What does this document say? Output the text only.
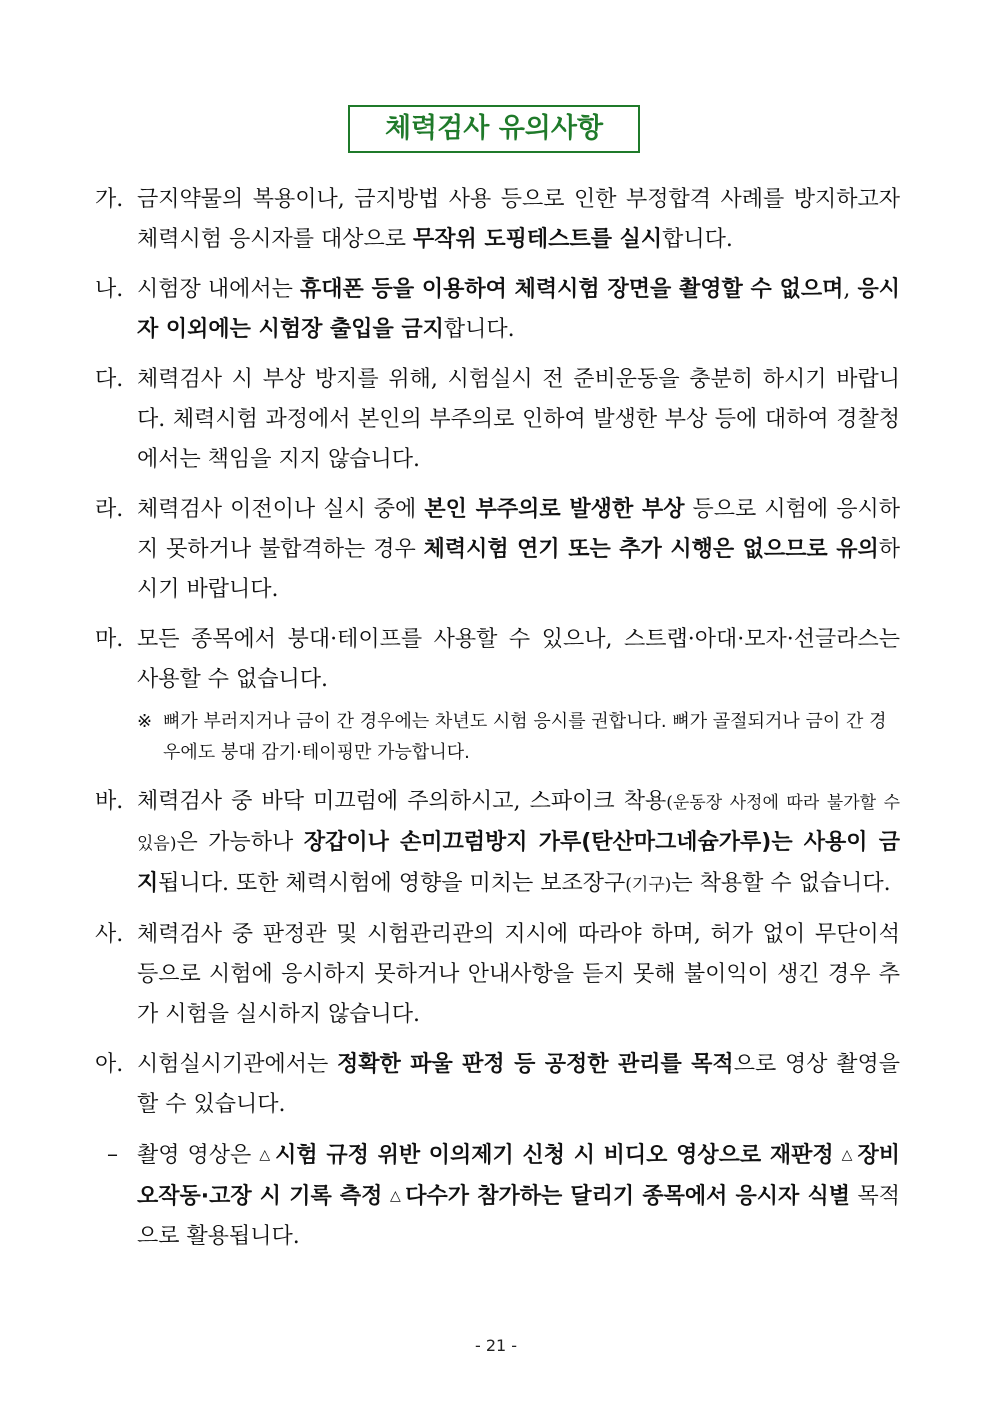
체력검사 유의사항
가. 금지약물의 복용이나, 금지방법 사용 등으로 인한 부정합격 사례를 방지하고자 체력시험 응시자를 대상으로 무작위 도핑테스트를 실시합니다.
나. 시험장 내에서는 휴대폰 등을 이용하여 체력시험 장면을 촬영할 수 없으며, 응시자 이외에는 시험장 출입을 금지합니다.
다. 체력검사 시 부상 방지를 위해, 시험실시 전 준비운동을 충분히 하시기 바랍니다. 체력시험 과정에서 본인의 부주의로 인하여 발생한 부상 등에 대하여 경찰청에서는 책임을 지지 않습니다.
라. 체력검사 이전이나 실시 중에 본인 부주의로 발생한 부상 등으로 시험에 응시하지 못하거나 불합격하는 경우 체력시험 연기 또는 추가 시행은 없으므로 유의하시기 바랍니다.
마. 모든 종목에서 붕대·테이프를 사용할 수 있으나, 스트랩·아대·모자·선글라스는 사용할 수 없습니다.
※ 뼈가 부러지거나 금이 간 경우에는 차년도 시험 응시를 권합니다. 뼈가 골절되거나 금이 간 경우에도 붕대 감기·테이핑만 가능합니다.
바. 체력검사 중 바닥 미끄럼에 주의하시고, 스파이크 착용(운동장 사정에 따라 불가할 수 있음)은 가능하나 장갑이나 손미끄럼방지 가루(탄산마그네슘가루)는 사용이 금지됩니다. 또한 체력시험에 영향을 미치는 보조장구(기구)는 착용할 수 없습니다.
사. 체력검사 중 판정관 및 시험관리관의 지시에 따라야 하며, 허가 없이 무단이석 등으로 시험에 응시하지 못하거나 안내사항을 듣지 못해 불이익이 생긴 경우 추가 시험을 실시하지 않습니다.
아. 시험실시기관에서는 정확한 파울 판정 등 공정한 관리를 목적으로 영상 촬영을 할 수 있습니다.
– 촬영 영상은 △ 시험 규정 위반 이의제기 신청 시 비디오 영상으로 재판정 △ 장비 오작동·고장 시 기록 측정 △ 다수가 참가하는 달리기 종목에서 응시자 식별 목적으로 활용됩니다.
- 21 -
